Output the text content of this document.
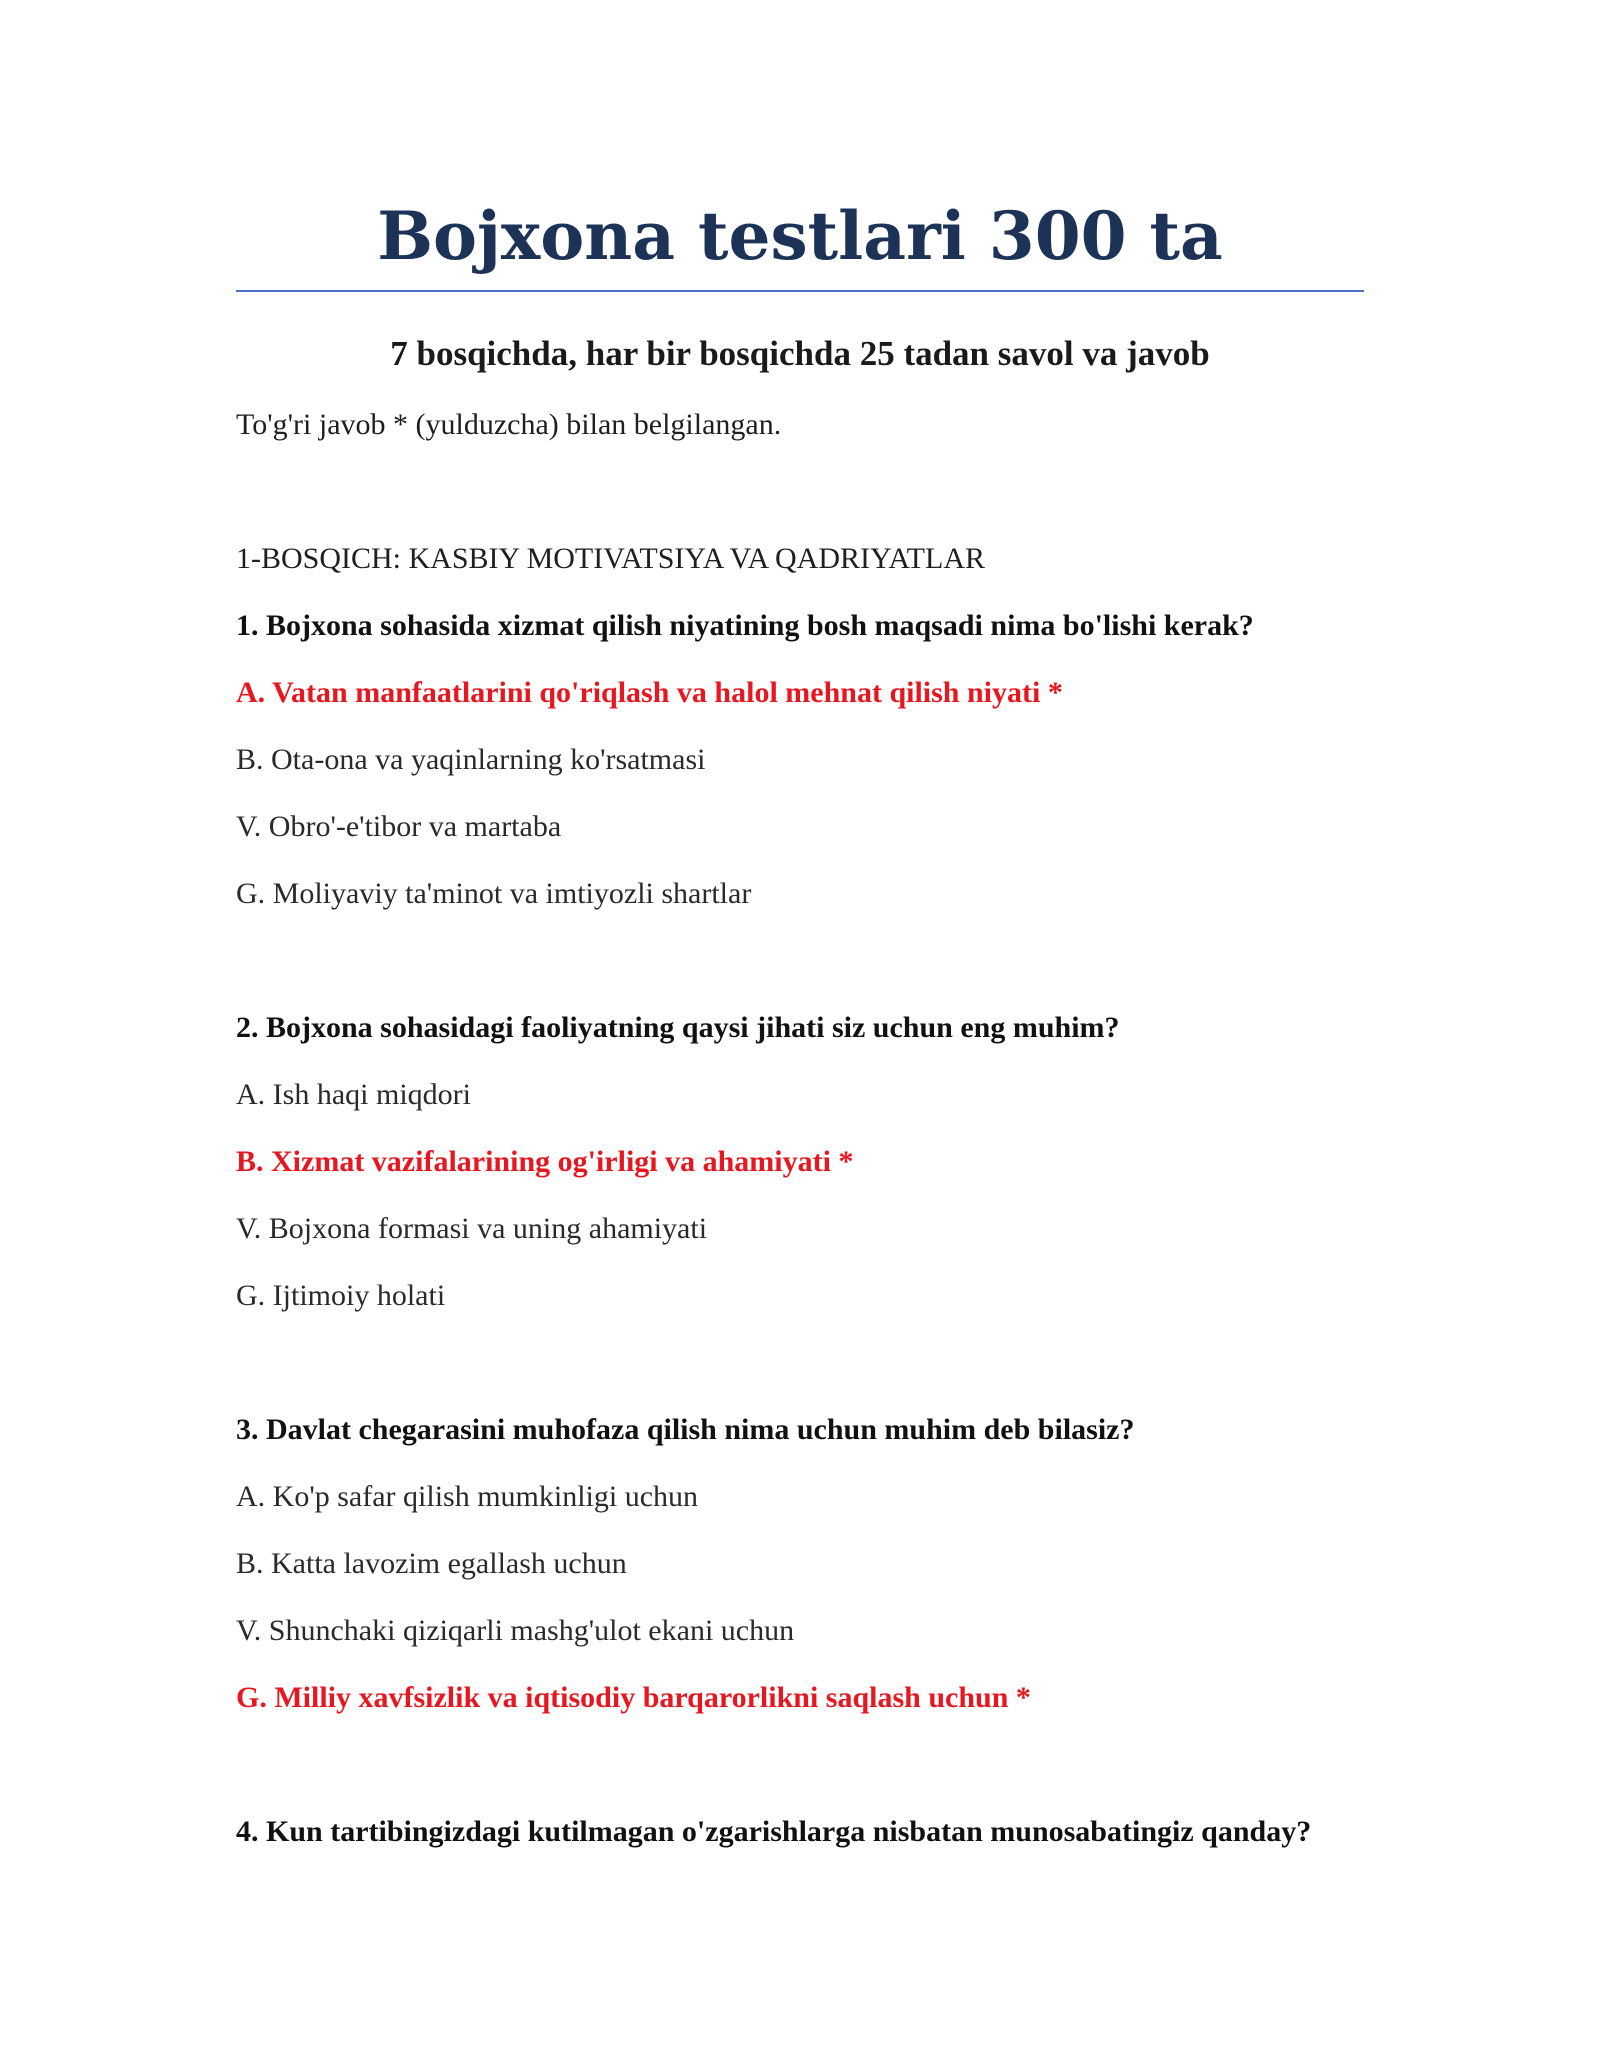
Bojxona testlari 300 ta
7 bosqichda, har bir bosqichda 25 tadan savol va javob
To'g'ri javob * (yulduzcha) bilan belgilangan.
1-BOSQICH: KASBIY MOTIVATSIYA VA QADRIYATLAR
1. Bojxona sohasida xizmat qilish niyatining bosh maqsadi nima bo'lishi kerak?
A. Vatan manfaatlarini qo'riqlash va halol mehnat qilish niyati *
B. Ota-ona va yaqinlarning ko'rsatmasi
V. Obro'-e'tibor va martaba
G. Moliyaviy ta'minot va imtiyozli shartlar
2. Bojxona sohasidagi faoliyatning qaysi jihati siz uchun eng muhim?
A. Ish haqi miqdori
B. Xizmat vazifalarining og'irligi va ahamiyati *
V. Bojxona formasi va uning ahamiyati
G. Ijtimoiy holati
3. Davlat chegarasini muhofaza qilish nima uchun muhim deb bilasiz?
A. Ko'p safar qilish mumkinligi uchun
B. Katta lavozim egallash uchun
V. Shunchaki qiziqarli mashg'ulot ekani uchun
G. Milliy xavfsizlik va iqtisodiy barqarorlikni saqlash uchun *
4. Kun tartibingizdagi kutilmagan o'zgarishlarga nisbatan munosabatingiz qanday?
